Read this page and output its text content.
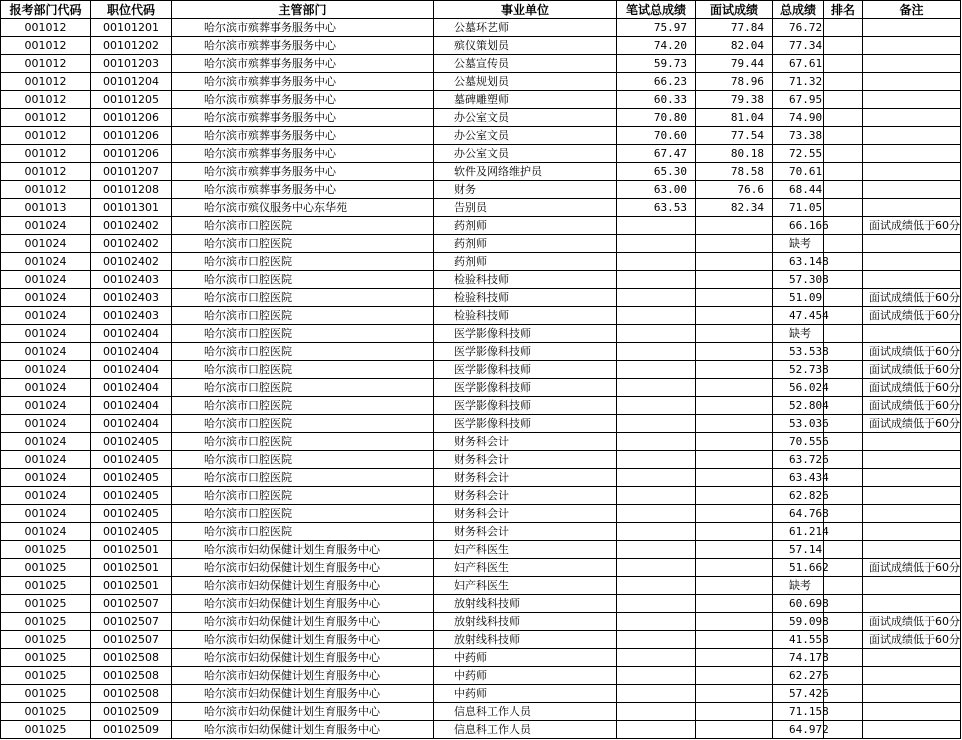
报考部门代码	职位代码	主管部门	事业单位	笔试总成绩	面试成绩	总成绩	排名	备注
001012	00101201	哈尔滨市殡葬事务服务中心	公墓环艺师	75.97	77.84	76.72		
001012	00101202	哈尔滨市殡葬事务服务中心	殡仪策划员	74.20	82.04	77.34		
001012	00101203	哈尔滨市殡葬事务服务中心	公墓宣传员	59.73	79.44	67.61		
001012	00101204	哈尔滨市殡葬事务服务中心	公墓规划员	66.23	78.96	71.32		
001012	00101205	哈尔滨市殡葬事务服务中心	墓碑雕塑师	60.33	79.38	67.95		
001012	00101206	哈尔滨市殡葬事务服务中心	办公室文员	70.80	81.04	74.90		
001012	00101206	哈尔滨市殡葬事务服务中心	办公室文员	70.60	77.54	73.38		
001012	00101206	哈尔滨市殡葬事务服务中心	办公室文员	67.47	80.18	72.55		
001012	00101207	哈尔滨市殡葬事务服务中心	软件及网络维护员	65.30	78.58	70.61		
001012	00101208	哈尔滨市殡葬事务服务中心	财务	63.00	76.6	68.44		
001013	00101301	哈尔滨市殡仪服务中心东华苑	告别员	63.53	82.34	71.05		
001024	00102402	哈尔滨市口腔医院	药剂师			66.166		面试成绩低于60分
001024	00102402	哈尔滨市口腔医院	药剂师			缺考		
001024	00102402	哈尔滨市口腔医院	药剂师			63.148		
001024	00102403	哈尔滨市口腔医院	检验科技师			57.308		
001024	00102403	哈尔滨市口腔医院	检验科技师			51.09		面试成绩低于60分
001024	00102403	哈尔滨市口腔医院	检验科技师			47.454		面试成绩低于60分
001024	00102404	哈尔滨市口腔医院	医学影像科技师			缺考		
001024	00102404	哈尔滨市口腔医院	医学影像科技师			53.538		面试成绩低于60分
001024	00102404	哈尔滨市口腔医院	医学影像科技师			52.738		面试成绩低于60分
001024	00102404	哈尔滨市口腔医院	医学影像科技师			56.024		面试成绩低于60分
001024	00102404	哈尔滨市口腔医院	医学影像科技师			52.804		面试成绩低于60分
001024	00102404	哈尔滨市口腔医院	医学影像科技师			53.036		面试成绩低于60分
001024	00102405	哈尔滨市口腔医院	财务科会计			70.556		
001024	00102405	哈尔滨市口腔医院	财务科会计			63.726		
001024	00102405	哈尔滨市口腔医院	财务科会计			63.434		
001024	00102405	哈尔滨市口腔医院	财务科会计			62.826		
001024	00102405	哈尔滨市口腔医院	财务科会计			64.768		
001024	00102405	哈尔滨市口腔医院	财务科会计			61.214		
001025	00102501	哈尔滨市妇幼保健计划生育服务中心	妇产科医生			57.14		
001025	00102501	哈尔滨市妇幼保健计划生育服务中心	妇产科医生			51.662		面试成绩低于60分
001025	00102501	哈尔滨市妇幼保健计划生育服务中心	妇产科医生			缺考		
001025	00102507	哈尔滨市妇幼保健计划生育服务中心	放射线科技师			60.698		
001025	00102507	哈尔滨市妇幼保健计划生育服务中心	放射线科技师			59.098		面试成绩低于60分
001025	00102507	哈尔滨市妇幼保健计划生育服务中心	放射线科技师			41.558		面试成绩低于60分
001025	00102508	哈尔滨市妇幼保健计划生育服务中心	中药师			74.178		
001025	00102508	哈尔滨市妇幼保健计划生育服务中心	中药师			62.276		
001025	00102508	哈尔滨市妇幼保健计划生育服务中心	中药师			57.426		
001025	00102509	哈尔滨市妇幼保健计划生育服务中心	信息科工作人员			71.158		
001025	00102509	哈尔滨市妇幼保健计划生育服务中心	信息科工作人员			64.972		
